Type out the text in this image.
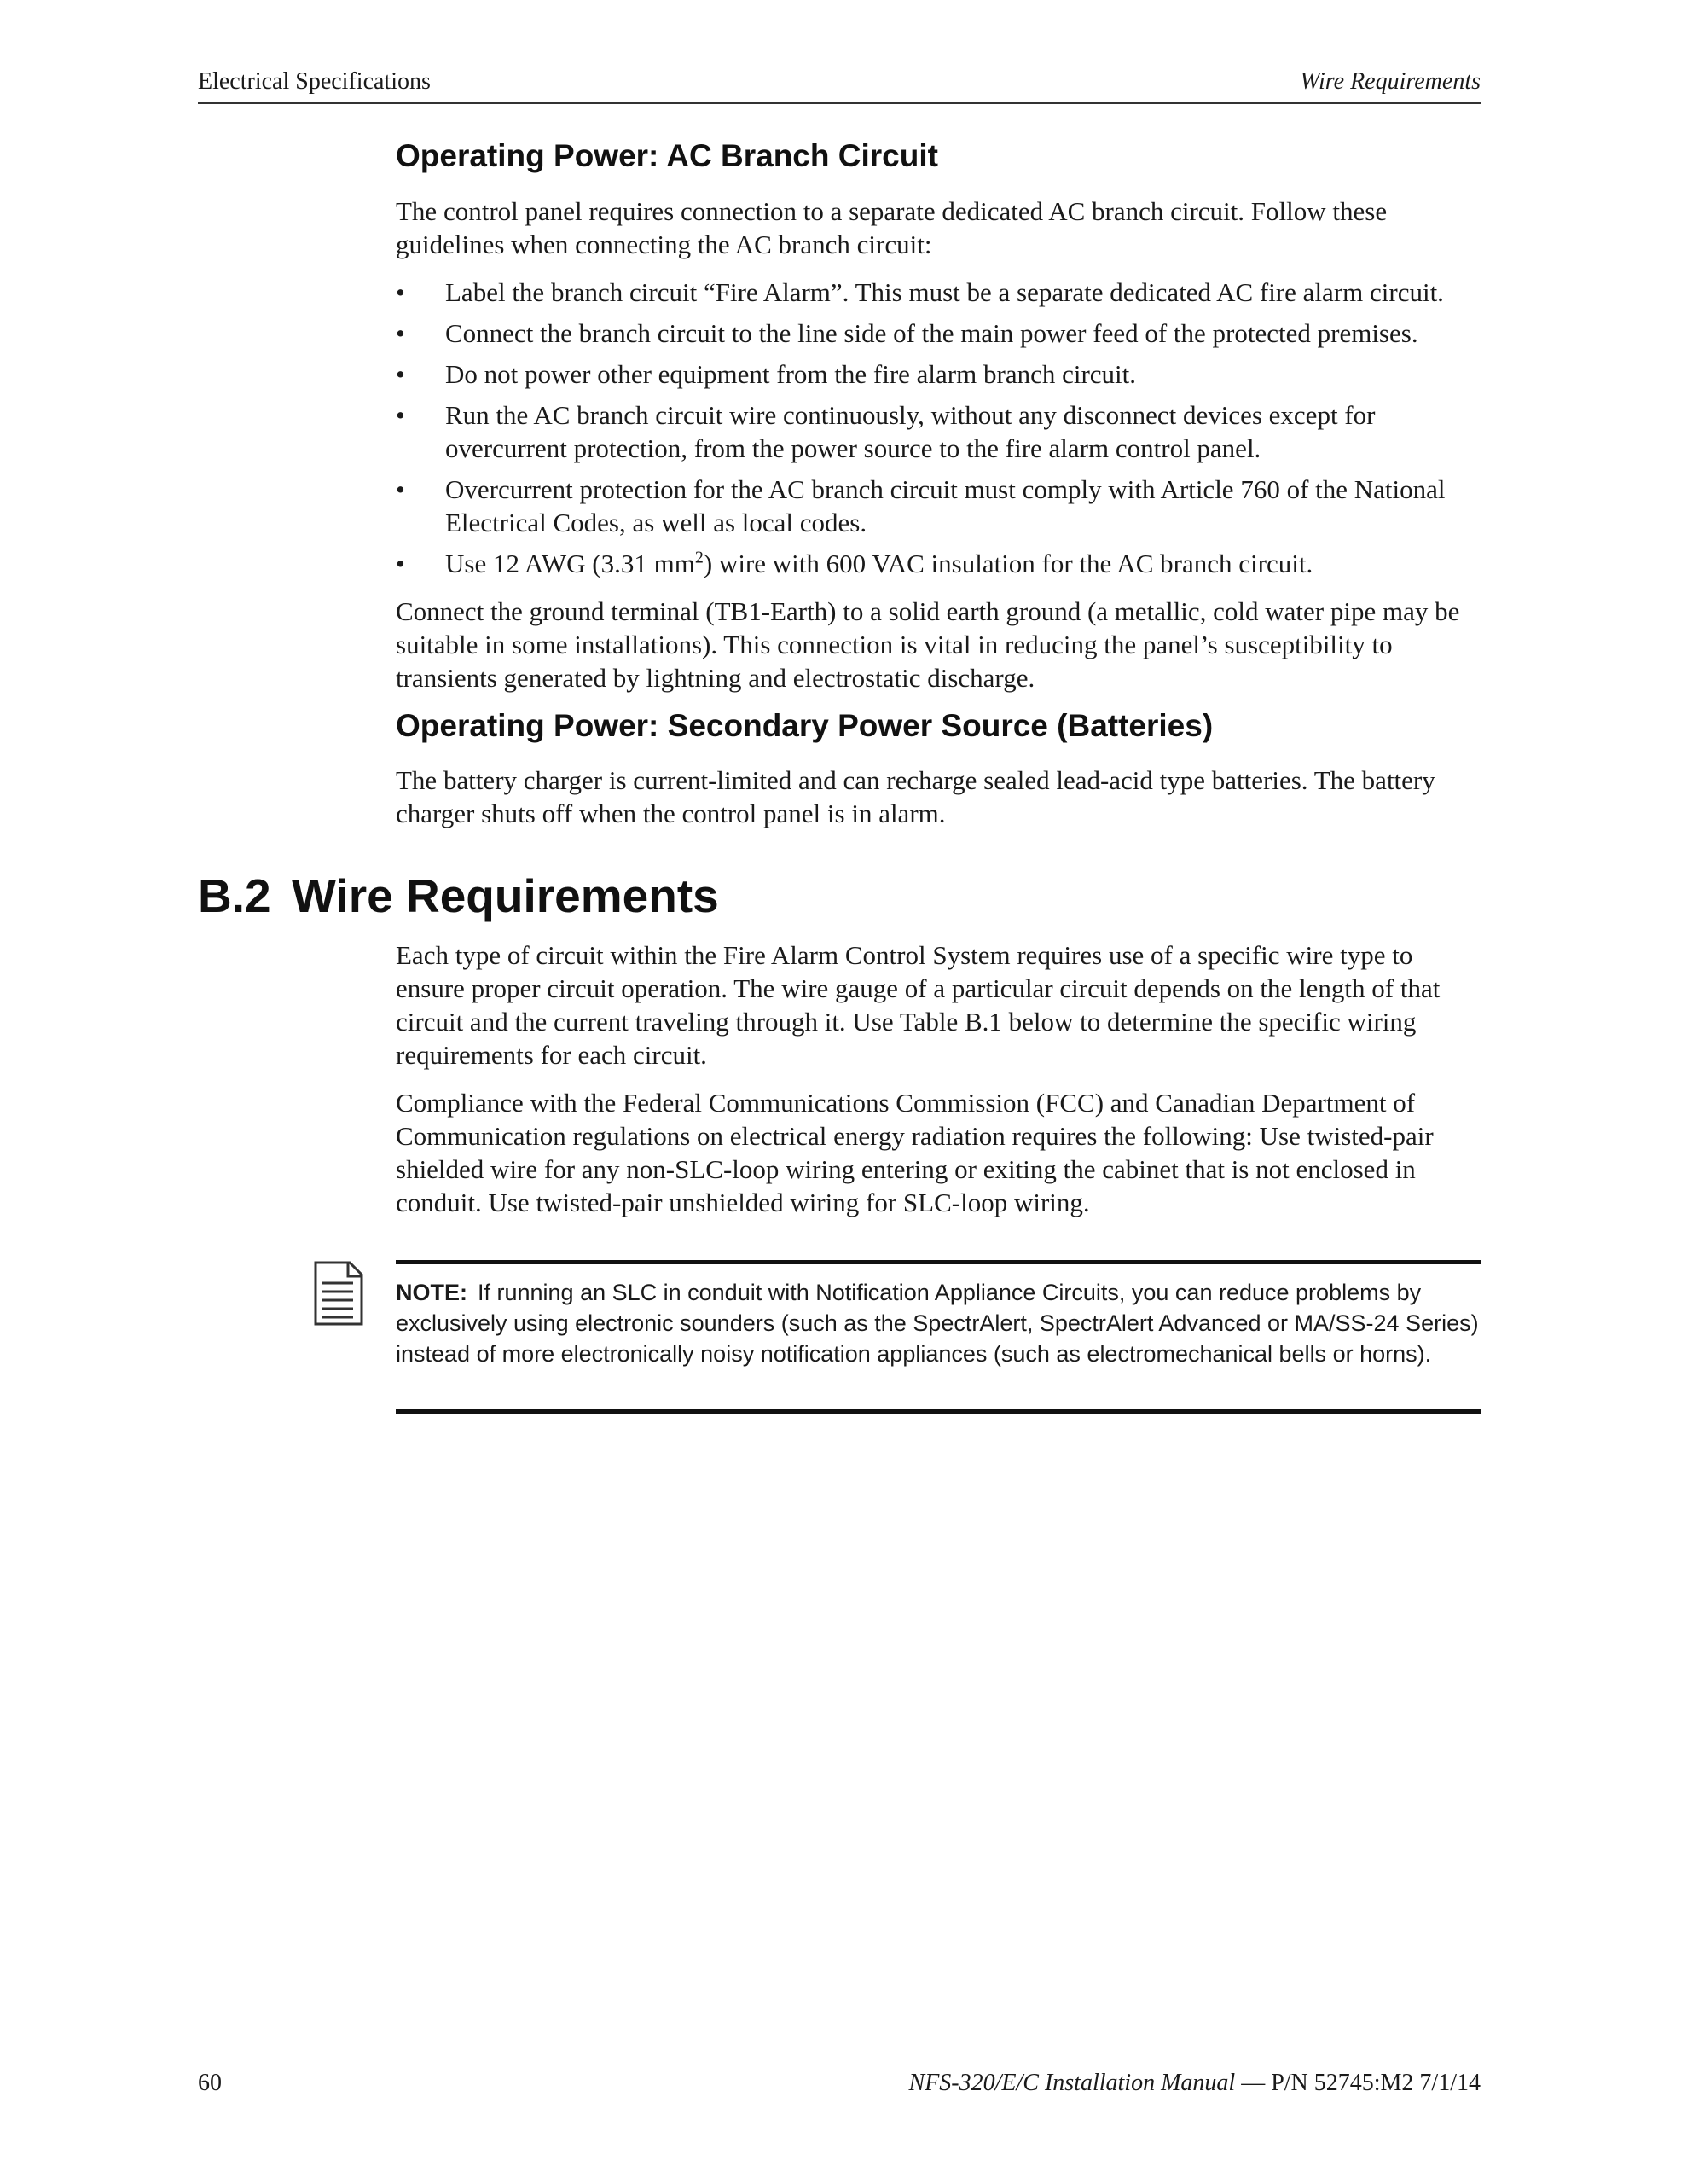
Electrical Specifications	Wire Requirements
Operating Power: AC Branch Circuit

The control panel requires connection to a separate dedicated AC branch circuit. Follow these guidelines when connecting the AC branch circuit:

• Label the branch circuit “Fire Alarm”. This must be a separate dedicated AC fire alarm circuit.
• Connect the branch circuit to the line side of the main power feed of the protected premises.
• Do not power other equipment from the fire alarm branch circuit.
• Run the AC branch circuit wire continuously, without any disconnect devices except for overcurrent protection, from the power source to the fire alarm control panel.
• Overcurrent protection for the AC branch circuit must comply with Article 760 of the National Electrical Codes, as well as local codes.
• Use 12 AWG (3.31 $mm^2$) wire with 600 VAC insulation for the AC branch circuit.

Connect the ground terminal (TB1-Earth) to a solid earth ground (a metallic, cold water pipe may be suitable in some installations). This connection is vital in reducing the panel’s susceptibility to transients generated by lightning and electrostatic discharge.

Operating Power: Secondary Power Source (Batteries)

The battery charger is current-limited and can recharge sealed lead-acid type batteries. The battery charger shuts off when the control panel is in alarm.

B.2 Wire Requirements

Each type of circuit within the Fire Alarm Control System requires use of a specific wire type to ensure proper circuit operation. The wire gauge of a particular circuit depends on the length of that circuit and the current traveling through it. Use Table B.1 below to determine the specific wiring requirements for each circuit.

Compliance with the Federal Communications Commission (FCC) and Canadian Department of Communication regulations on electrical energy radiation requires the following: Use twisted-pair shielded wire for any non-SLC-loop wiring entering or exiting the cabinet that is not enclosed in conduit. Use twisted-pair unshielded wiring for SLC-loop wiring.

NOTE: If running an SLC in conduit with Notification Appliance Circuits, you can reduce problems by exclusively using electronic sounders (such as the SpectrAlert, SpectrAlert Advanced or MA/SS-24 Series) instead of more electronically noisy notification appliances (such as electromechanical bells or horns).
60	NFS-320/E/C Installation Manual — P/N 52745:M2 7/1/14
